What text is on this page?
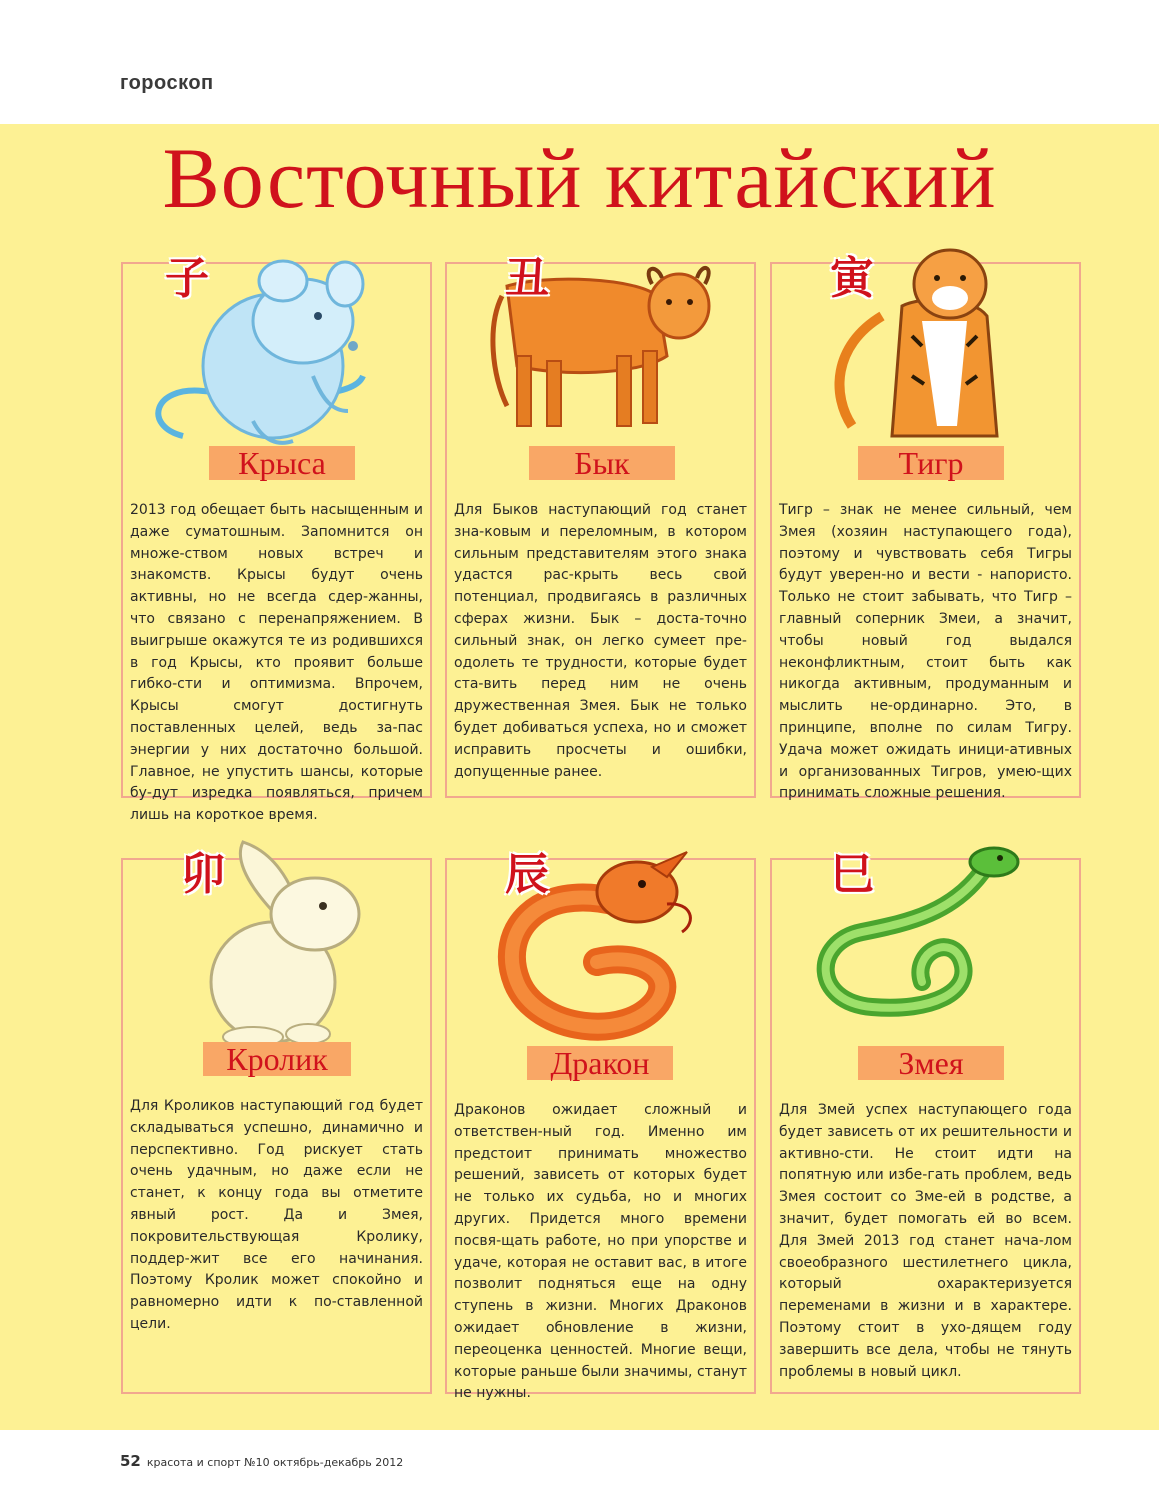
гороскоп
Восточный китайский
子
Крыса
2013 год обещает быть насыщенным и даже суматошным. Запомнится он множе-ством новых встреч и знакомств. Крысы будут очень активны, но не всегда сдер-жанны, что связано с перенапряжением. В выигрыше окажутся те из родившихся в год Крысы, кто проявит больше гибко-сти и оптимизма. Впрочем, Крысы смогут достигнуть поставленных целей, ведь за-пас энергии у них достаточно большой. Главное, не упустить шансы, которые бу-дут изредка появляться, причем лишь на короткое время.
丑
Бык
Для Быков наступающий год станет зна-ковым и переломным, в котором сильным представителям этого знака удастся рас-крыть весь свой потенциал, продвигаясь в различных сферах жизни. Бык – доста-точно сильный знак, он легко сумеет пре-одолеть те трудности, которые будет ста-вить перед ним не очень дружественная Змея. Бык не только будет добиваться успеха, но и сможет исправить просчеты и ошибки, допущенные ранее.
寅
Тигр
Тигр – знак не менее сильный, чем Змея (хозяин наступающего года), поэтому и чувствовать себя Тигры будут уверен-но и вести - напористо. Только не стоит забывать, что Тигр – главный соперник Змеи, а значит, чтобы новый год выдался неконфликтным, стоит быть как никогда активным, продуманным и мыслить не-ординарно. Это, в принципе, вполне по силам Тигру. Удача может ожидать иници-ативных и организованных Тигров, умею-щих принимать сложные решения.
卯
Кролик
Для Кроликов наступающий год будет складываться успешно, динамично и перспективно. Год рискует стать очень удачным, но даже если не станет, к концу года вы отметите явный рост. Да и Змея, покровительствующая Кролику, поддер-жит все его начинания. Поэтому Кролик может спокойно и равномерно идти к по-ставленной цели.
辰
Дракон
Драконов ожидает сложный и ответствен-ный год. Именно им предстоит принимать множество решений, зависеть от которых будет не только их судьба, но и многих других. Придется много времени посвя-щать работе, но при упорстве и удаче, которая не оставит вас, в итоге позволит подняться еще на одну ступень в жизни. Многих Драконов ожидает обновление в жизни, переоценка ценностей. Многие вещи, которые раньше были значимы, станут не нужны.
巳
Змея
Для Змей успех наступающего года будет зависеть от их решительности и активно-сти. Не стоит идти на попятную или избе-гать проблем, ведь Змея состоит со Зме-ей в родстве, а значит, будет помогать ей во всем. Для Змей 2013 год станет нача-лом своеобразного шестилетнего цикла, который охарактеризуется переменами в жизни и в характере. Поэтому стоит в ухо-дящем году завершить все дела, чтобы не тянуть проблемы в новый цикл.
52 красота и спорт №10 октябрь-декабрь 2012
